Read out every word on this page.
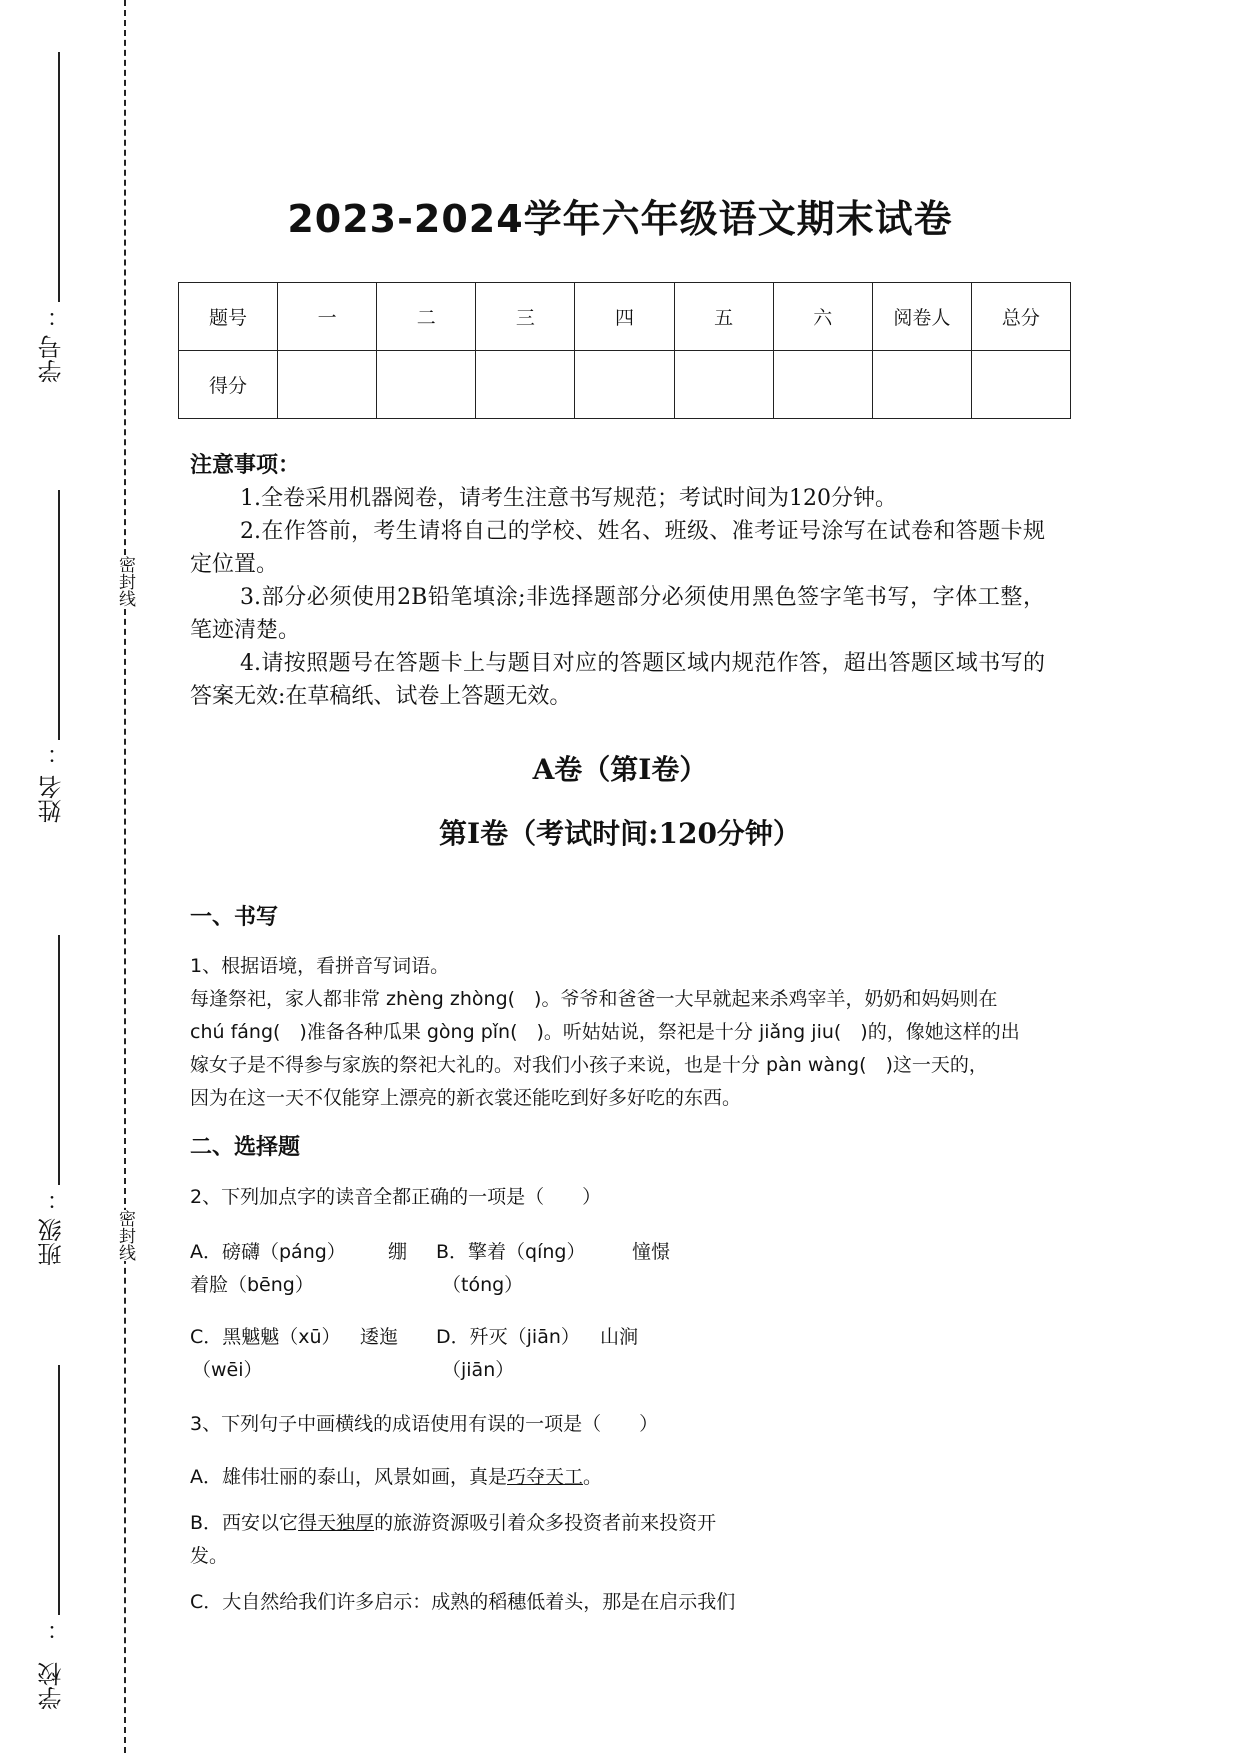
密封线
密封线
：
学号
：
姓名
：
班级
：
学校
2023-2024学年六年级语文期末试卷
题号	一	二	三	四	五	六	阅卷人	总分
得分								
注意事项：

1.全卷采用机器阅卷，请考生注意书写规范；考试时间为120分钟。

2.在作答前，考生请将自己的学校、姓名、班级、准考证号涂写在试卷和答题卡规定位置。

3.部分必须使用2B铅笔填涂;非选择题部分必须使用黑色签字笔书写，字体工整，笔迹清楚。

4.请按照题号在答题卡上与题目对应的答题区域内规范作答，超出答题区域书写的答案无效:在草稿纸、试卷上答题无效。

A卷（第I卷）
第I卷（考试时间:120分钟）
一、书写

1、根据语境，看拼音写词语。

每逢祭祀，家人都非常 zhèng zhòng(　)。爷爷和爸爸一大早就起来杀鸡宰羊，奶奶和妈妈则在

chú fáng(　)准备各种瓜果 gòng pǐn(　)。听姑姑说，祭祀是十分 jiǎng jiu(　)的，像她这样的出

嫁女子是不得参与家族的祭祀大礼的。对我们小孩子来说，也是十分 pàn wàng(　)这一天的，

因为在这一天不仅能穿上漂亮的新衣裳还能吃到好多好吃的东西。

二、选择题
2、下列加点字的读音全都正确的一项是（　　）
A．磅礴（páng） 绷
着脸（bēng）
B．擎着（qíng） 憧憬
（tóng）
C．黑魆魆（xū） 逶迤
（wēi）
D．歼灭（jiān） 山涧
（jiān）
3、下列句子中画横线的成语使用有误的一项是（　　）
A．雄伟壮丽的泰山，风景如画，真是巧夺天工。
B．西安以它得天独厚的旅游资源吸引着众多投资者前来投资开
发。
C．大自然给我们许多启示：成熟的稻穗低着头，那是在启示我们
